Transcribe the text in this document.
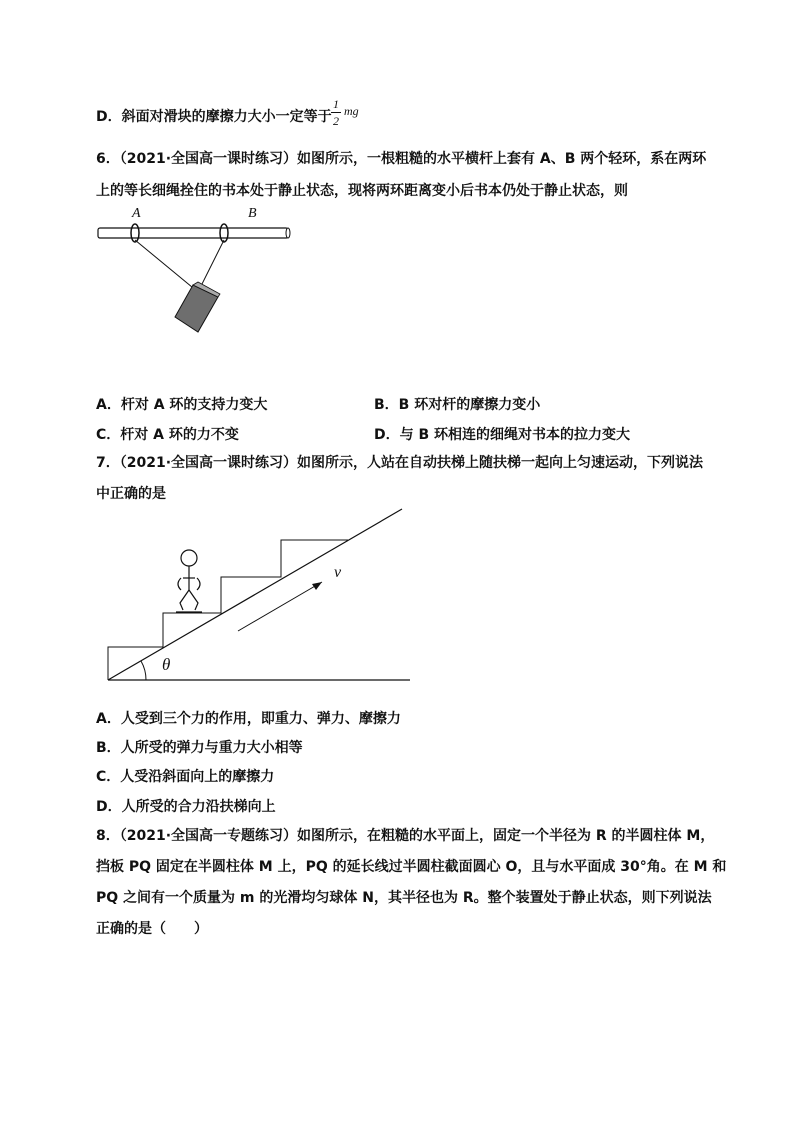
D．斜面对滑块的摩擦力大小一定等于
1
2
mg
6．（2021·全国高一课时练习）如图所示，一根粗糙的水平横杆上套有 A、B 两个轻环，系在两环
上的等长细绳拴住的书本处于静止状态，现将两环距离变小后书本仍处于静止状态，则
A	B
A．杆对 A 环的支持力变大	B．B 环对杆的摩擦力变小
C．杆对 A 环的力不变	D．与 B 环相连的细绳对书本的拉力变大
7．（2021·全国高一课时练习）如图所示，人站在自动扶梯上随扶梯一起向上匀速运动，下列说法
中正确的是
v
θ
A．人受到三个力的作用，即重力、弹力、摩擦力
B．人所受的弹力与重力大小相等
C．人受沿斜面向上的摩擦力
D．人所受的合力沿扶梯向上
8．（2021·全国高一专题练习）如图所示，在粗糙的水平面上，固定一个半径为 R 的半圆柱体 M，
挡板 PQ 固定在半圆柱体 M 上，PQ 的延长线过半圆柱截面圆心 O，且与水平面成 30°角。在 M 和
PQ 之间有一个质量为 m 的光滑均匀球体 N，其半径也为 R。整个装置处于静止状态，则下列说法
正确的是（　　）
